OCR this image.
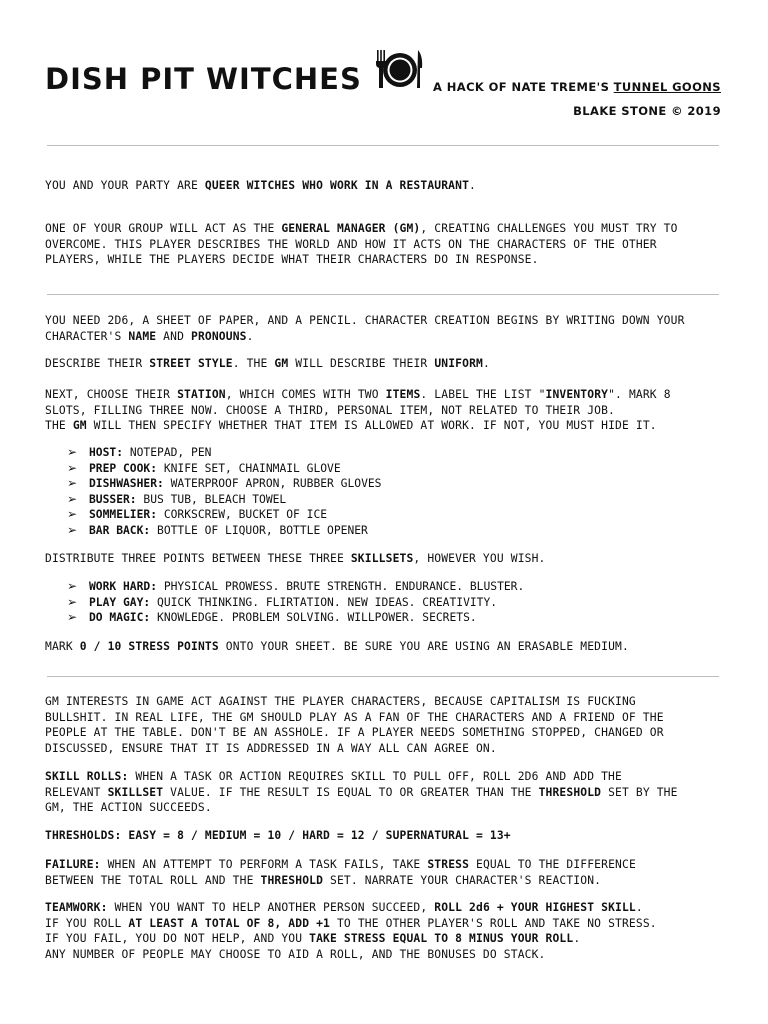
DISH PIT WITCHES	A HACK OF NATE TREME'S TUNNEL GOONS
BLAKE STONE © 2019
YOU AND YOUR PARTY ARE QUEER WITCHES WHO WORK IN A RESTAURANT.
ONE OF YOUR GROUP WILL ACT AS THE GENERAL MANAGER (GM), CREATING CHALLENGES YOU MUST TRY TO
OVERCOME. THIS PLAYER DESCRIBES THE WORLD AND HOW IT ACTS ON THE CHARACTERS OF THE OTHER
PLAYERS, WHILE THE PLAYERS DECIDE WHAT THEIR CHARACTERS DO IN RESPONSE.
YOU NEED 2D6, A SHEET OF PAPER, AND A PENCIL. CHARACTER CREATION BEGINS BY WRITING DOWN YOUR
CHARACTER'S NAME AND PRONOUNS.
DESCRIBE THEIR STREET STYLE. THE GM WILL DESCRIBE THEIR UNIFORM.
NEXT, CHOOSE THEIR STATION, WHICH COMES WITH TWO ITEMS. LABEL THE LIST "INVENTORY". MARK 8
SLOTS, FILLING THREE NOW. CHOOSE A THIRD, PERSONAL ITEM, NOT RELATED TO THEIR JOB.
THE GM WILL THEN SPECIFY WHETHER THAT ITEM IS ALLOWED AT WORK. IF NOT, YOU MUST HIDE IT.
➢ HOST: NOTEPAD, PEN
➢ PREP COOK: KNIFE SET, CHAINMAIL GLOVE
➢ DISHWASHER: WATERPROOF APRON, RUBBER GLOVES
➢ BUSSER: BUS TUB, BLEACH TOWEL
➢ SOMMELIER: CORKSCREW, BUCKET OF ICE
➢ BAR BACK: BOTTLE OF LIQUOR, BOTTLE OPENER
DISTRIBUTE THREE POINTS BETWEEN THESE THREE SKILLSETS, HOWEVER YOU WISH.
➢ WORK HARD: PHYSICAL PROWESS. BRUTE STRENGTH. ENDURANCE. BLUSTER.
➢ PLAY GAY: QUICK THINKING. FLIRTATION. NEW IDEAS. CREATIVITY.
➢ DO MAGIC: KNOWLEDGE. PROBLEM SOLVING. WILLPOWER. SECRETS.
MARK 0 / 10 STRESS POINTS ONTO YOUR SHEET. BE SURE YOU ARE USING AN ERASABLE MEDIUM.
GM INTERESTS IN GAME ACT AGAINST THE PLAYER CHARACTERS, BECAUSE CAPITALISM IS FUCKING
BULLSHIT. IN REAL LIFE, THE GM SHOULD PLAY AS A FAN OF THE CHARACTERS AND A FRIEND OF THE
PEOPLE AT THE TABLE. DON'T BE AN ASSHOLE. IF A PLAYER NEEDS SOMETHING STOPPED, CHANGED OR
DISCUSSED, ENSURE THAT IT IS ADDRESSED IN A WAY ALL CAN AGREE ON.
SKILL ROLLS: WHEN A TASK OR ACTION REQUIRES SKILL TO PULL OFF, ROLL 2D6 AND ADD THE
RELEVANT SKILLSET VALUE. IF THE RESULT IS EQUAL TO OR GREATER THAN THE THRESHOLD SET BY THE
GM, THE ACTION SUCCEEDS.
THRESHOLDS: EASY = 8 / MEDIUM = 10 / HARD = 12 / SUPERNATURAL = 13+
FAILURE: WHEN AN ATTEMPT TO PERFORM A TASK FAILS, TAKE STRESS EQUAL TO THE DIFFERENCE
BETWEEN THE TOTAL ROLL AND THE THRESHOLD SET. NARRATE YOUR CHARACTER'S REACTION.
TEAMWORK: WHEN YOU WANT TO HELP ANOTHER PERSON SUCCEED, ROLL 2d6 + YOUR HIGHEST SKILL.
IF YOU ROLL AT LEAST A TOTAL OF 8, ADD +1 TO THE OTHER PLAYER'S ROLL AND TAKE NO STRESS.
IF YOU FAIL, YOU DO NOT HELP, AND YOU TAKE STRESS EQUAL TO 8 MINUS YOUR ROLL.
ANY NUMBER OF PEOPLE MAY CHOOSE TO AID A ROLL, AND THE BONUSES DO STACK.
